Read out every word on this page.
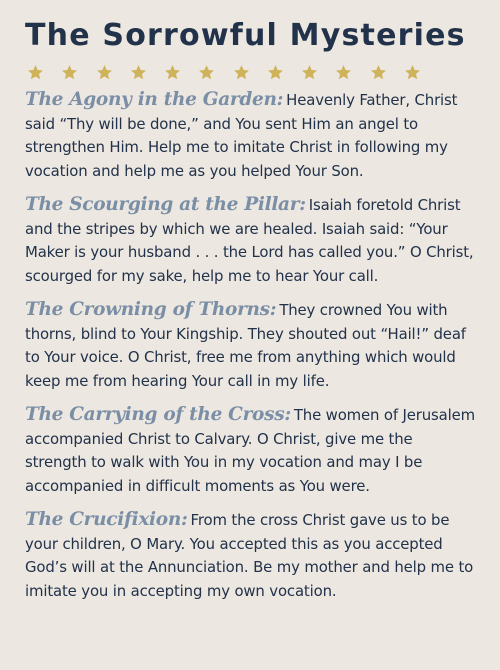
The Sorrowful Mysteries

The Agony in the Garden: Heavenly Father, Christ said “Thy will be done,” and You sent Him an angel to strengthen Him. Help me to imitate Christ in following my vocation and help me as you helped Your Son.

The Scourging at the Pillar: Isaiah foretold Christ and the stripes by which we are healed. Isaiah said: “Your Maker is your husband . . . the Lord has called you.” O Christ, scourged for my sake, help me to hear Your call.

The Crowning of Thorns: They crowned You with thorns, blind to Your Kingship. They shouted out “Hail!” deaf to Your voice. O Christ, free me from anything which would keep me from hearing Your call in my life.

The Carrying of the Cross: The women of Jerusalem accompanied Christ to Calvary. O Christ, give me the strength to walk with You in my vocation and may I be accompanied in difficult moments as You were.

The Crucifixion: From the cross Christ gave us to be your children, O Mary. You accepted this as you accepted God’s will at the Annunciation. Be my mother and help me to imitate you in accepting my own vocation.
